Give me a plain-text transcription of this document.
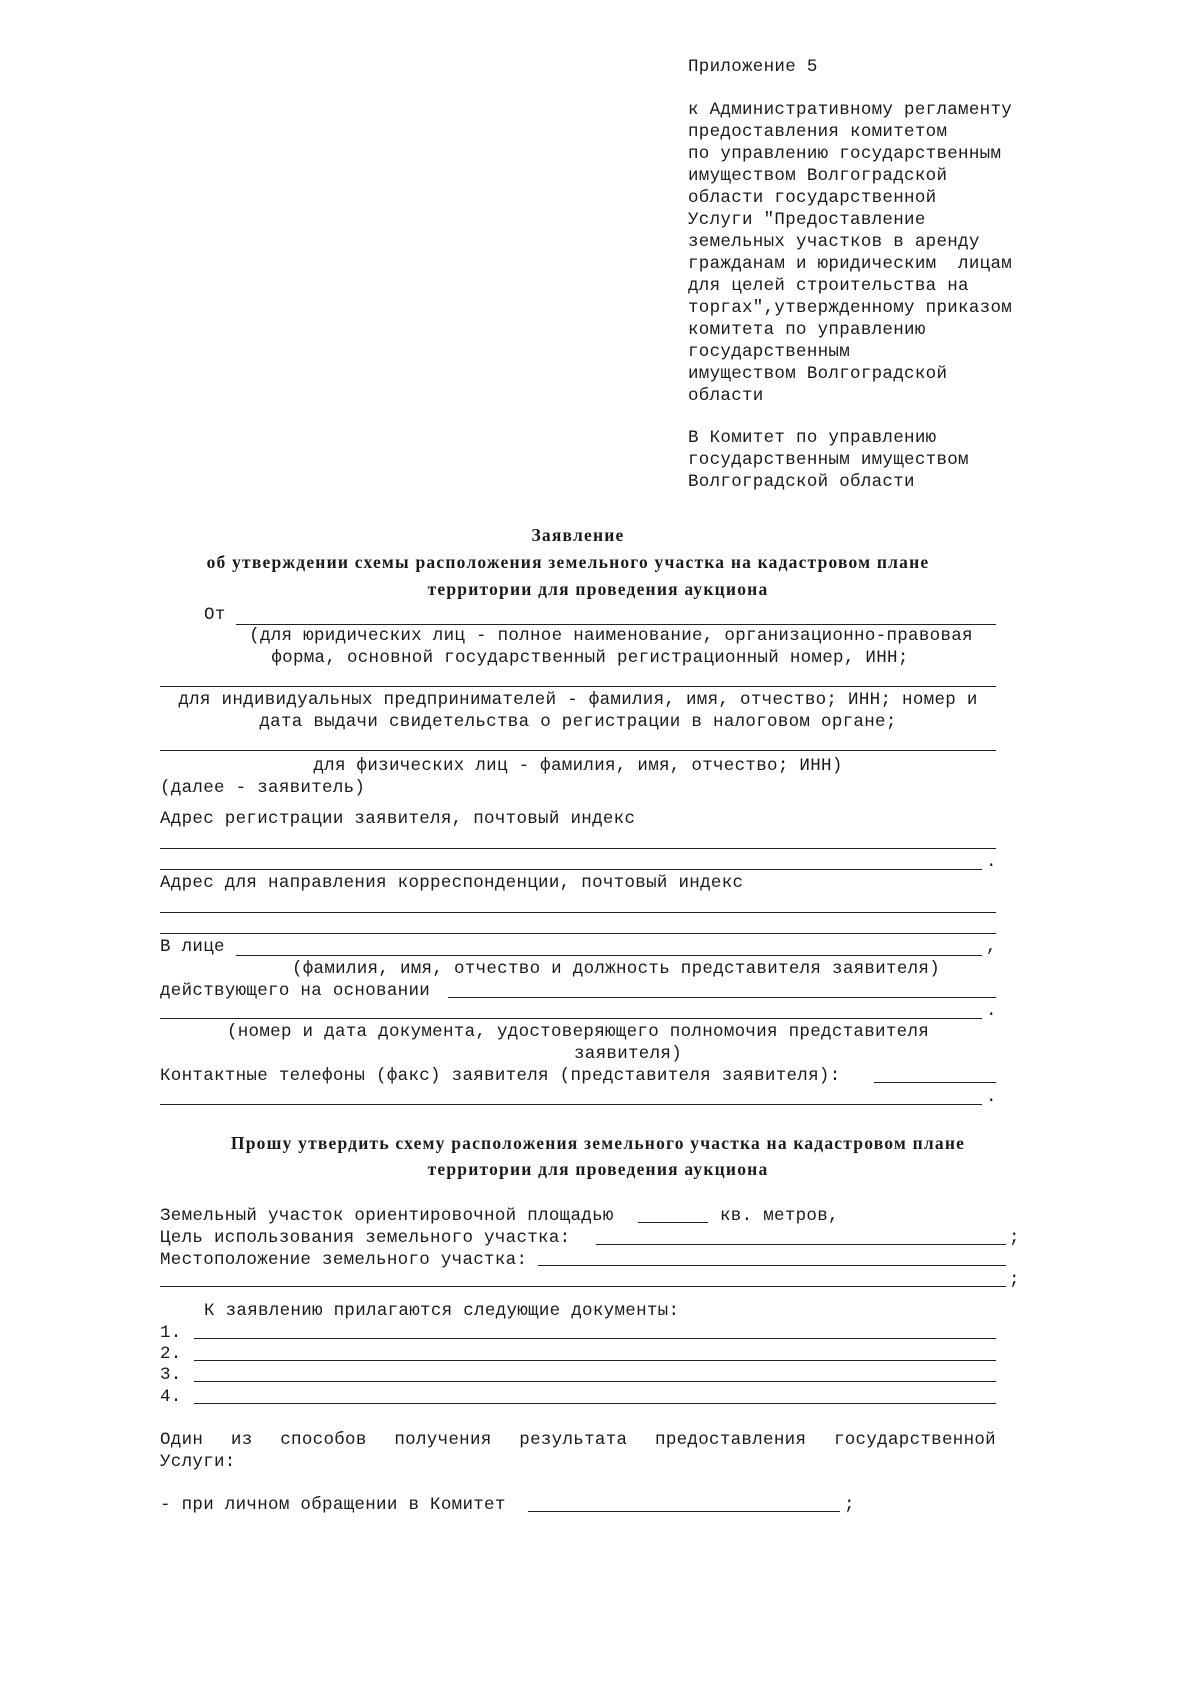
Приложение 5
к Административному регламенту
предоставления комитетом
по управлению государственным
имуществом Волгоградской
области государственной
Услуги "Предоставление
земельных участков в аренду
гражданам и юридическим  лицам
для целей строительства на
торгах",утвержденному приказом
комитета по управлению
государственным
имуществом Волгоградской
области
В Комитет по управлению
государственным имуществом
Волгоградской области
Заявление
об утверждении схемы расположения земельного участка на кадастровом плане
территории для проведения аукциона
От
(для юридических лиц - полное наименование, организационно-правовая
форма, основной государственный регистрационный номер, ИНН;
для индивидуальных предпринимателей - фамилия, имя, отчество; ИНН; номер и
дата выдачи свидетельства о регистрации в налоговом органе;
для физических лиц - фамилия, имя, отчество; ИНН)
(далее - заявитель)
Адрес регистрации заявителя, почтовый индекс
.
Адрес для направления корреспонденции, почтовый индекс
В лице	,
(фамилия, имя, отчество и должность представителя заявителя)
действующего на основании
.
(номер и дата документа, удостоверяющего полномочия представителя
заявителя)
Контактные телефоны (факс) заявителя (представителя заявителя):
.
Прошу утвердить схему расположения земельного участка на кадастровом плане
территории для проведения аукциона
Земельный участок ориентировочной площадью	кв. метров,
Цель использования земельного участка:	;
Местоположение земельного участка:
;
К заявлению прилагаются следующие документы:
1.
2.
3.
4.
Один из способов получения результата предоставления государственной
Услуги:
- при личном обращении в Комитет	;
